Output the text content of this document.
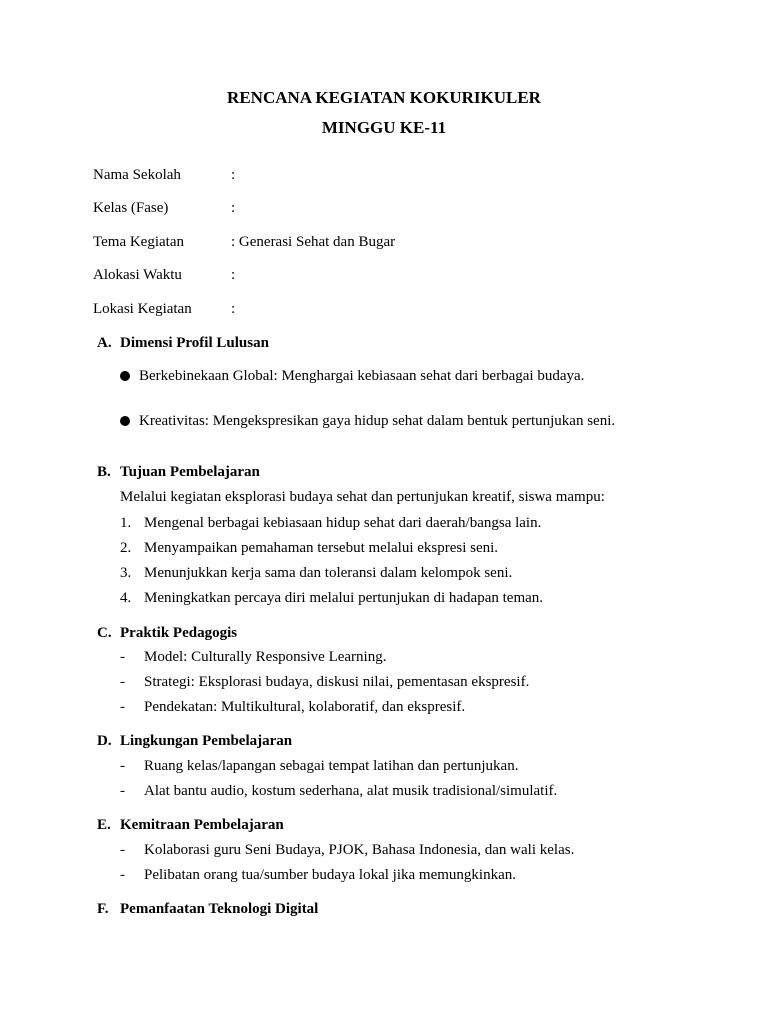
RENCANA KEGIATAN KOKURIKULER
MINGGU KE-11
Nama Sekolah	:
Kelas (Fase)	:
Tema Kegiatan	: Generasi Sehat dan Bugar
Alokasi Waktu	:
Lokasi Kegiatan	:
A. Dimensi Profil Lulusan
Berkebinekaan Global: Menghargai kebiasaan sehat dari berbagai budaya.
Kreativitas: Mengekspresikan gaya hidup sehat dalam bentuk pertunjukan seni.
B. Tujuan Pembelajaran
Melalui kegiatan eksplorasi budaya sehat dan pertunjukan kreatif, siswa mampu:
1. Mengenal berbagai kebiasaan hidup sehat dari daerah/bangsa lain.
2. Menyampaikan pemahaman tersebut melalui ekspresi seni.
3. Menunjukkan kerja sama dan toleransi dalam kelompok seni.
4. Meningkatkan percaya diri melalui pertunjukan di hadapan teman.
C. Praktik Pedagogis
- Model: Culturally Responsive Learning.
- Strategi: Eksplorasi budaya, diskusi nilai, pementasan ekspresif.
- Pendekatan: Multikultural, kolaboratif, dan ekspresif.
D. Lingkungan Pembelajaran
- Ruang kelas/lapangan sebagai tempat latihan dan pertunjukan.
- Alat bantu audio, kostum sederhana, alat musik tradisional/simulatif.
E. Kemitraan Pembelajaran
- Kolaborasi guru Seni Budaya, PJOK, Bahasa Indonesia, dan wali kelas.
- Pelibatan orang tua/sumber budaya lokal jika memungkinkan.
F. Pemanfaatan Teknologi Digital
